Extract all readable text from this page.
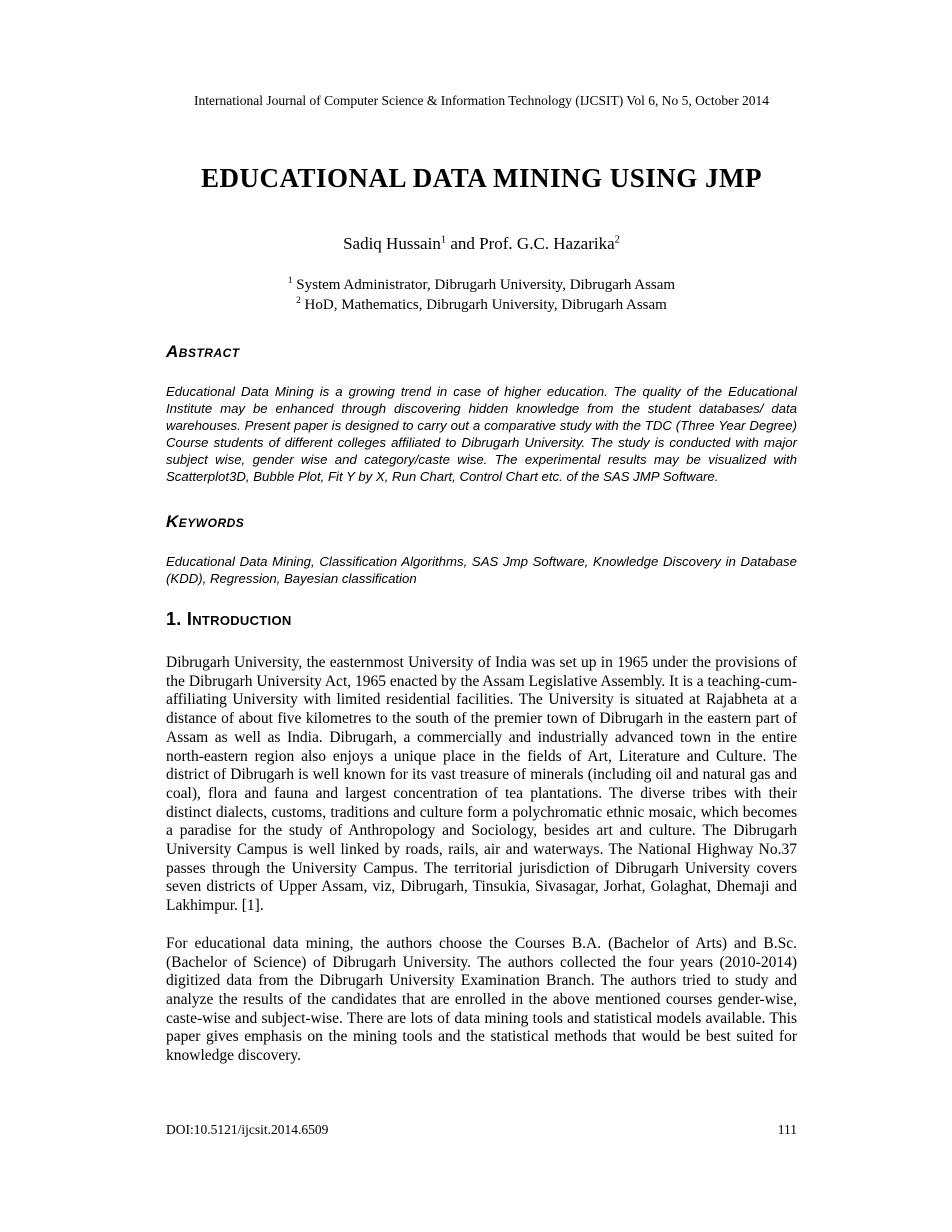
International Journal of Computer Science & Information Technology (IJCSIT) Vol 6, No 5, October 2014
EDUCATIONAL DATA MINING USING JMP
Sadiq Hussain$^1$ and Prof. G.C. Hazarika$^2$
$^1$ System Administrator, Dibrugarh University, Dibrugarh Assam
$^2$ HoD, Mathematics, Dibrugarh University, Dibrugarh Assam
Abstract

Educational Data Mining is a growing trend in case of higher education. The quality of the Educational Institute may be enhanced through discovering hidden knowledge from the student databases/ data warehouses. Present paper is designed to carry out a comparative study with the TDC (Three Year Degree) Course students of different colleges affiliated to Dibrugarh University. The study is conducted with major subject wise, gender wise and category/caste wise. The experimental results may be visualized with Scatterplot3D, Bubble Plot, Fit Y by X, Run Chart, Control Chart etc. of the SAS JMP Software.

Keywords

Educational Data Mining, Classification Algorithms, SAS Jmp Software, Knowledge Discovery in Database (KDD), Regression, Bayesian classification

1. Introduction

Dibrugarh University, the easternmost University of India was set up in 1965 under the provisions of the Dibrugarh University Act, 1965 enacted by the Assam Legislative Assembly. It is a teaching-cum-affiliating University with limited residential facilities. The University is situated at Rajabheta at a distance of about five kilometres to the south of the premier town of Dibrugarh in the eastern part of Assam as well as India. Dibrugarh, a commercially and industrially advanced town in the entire north-eastern region also enjoys a unique place in the fields of Art, Literature and Culture. The district of Dibrugarh is well known for its vast treasure of minerals (including oil and natural gas and coal), flora and fauna and largest concentration of tea plantations. The diverse tribes with their distinct dialects, customs, traditions and culture form a polychromatic ethnic mosaic, which becomes a paradise for the study of Anthropology and Sociology, besides art and culture. The Dibrugarh University Campus is well linked by roads, rails, air and waterways. The National Highway No.37 passes through the University Campus. The territorial jurisdiction of Dibrugarh University covers seven districts of Upper Assam, viz, Dibrugarh, Tinsukia, Sivasagar, Jorhat, Golaghat, Dhemaji and Lakhimpur. [1].

For educational data mining, the authors choose the Courses B.A. (Bachelor of Arts) and B.Sc. (Bachelor of Science) of Dibrugarh University. The authors collected the four years (2010-2014) digitized data from the Dibrugarh University Examination Branch. The authors tried to study and analyze the results of the candidates that are enrolled in the above mentioned courses gender-wise, caste-wise and subject-wise. There are lots of data mining tools and statistical models available. This paper gives emphasis on the mining tools and the statistical methods that would be best suited for knowledge discovery.

DOI:10.5121/ijcsit.2014.6509	111
